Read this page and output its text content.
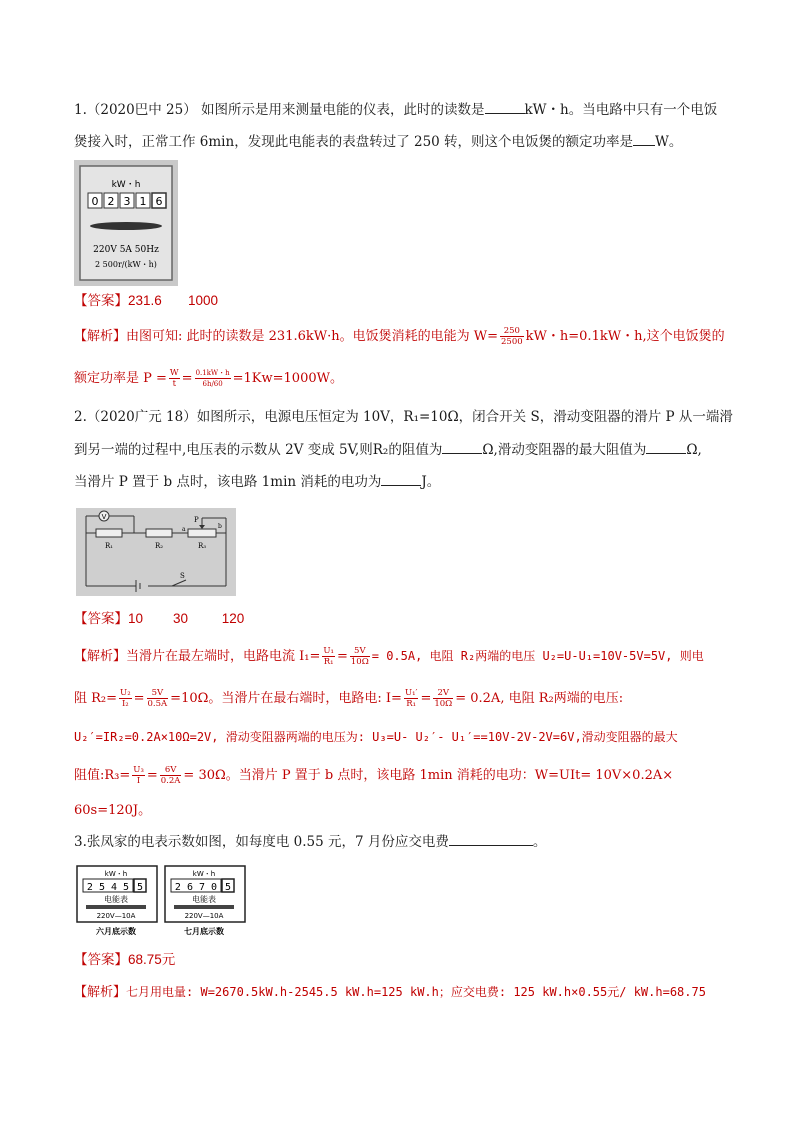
1.（2020巴中 25） 如图所示是用来测量电能的仪表，此时的读数是	kW・h。当电路中只有一个电饭
煲接入时，正常工作 6min，发现此电能表的表盘转过了 250 转，则这个电饭煲的额定功率是 W。
kW・h
0 2 3 1 6
220V 5A 50Hz
2 500r/(kW・h)
【答案】231.6       1000
【解析】由图可知: 此时的读数是 231.6kW·h。电饭煲消耗的电能为 $W= \frac{250}{2500}$ kW・h=0.1kW・h,这个电饭煲的
额定功率是 $P = \frac{W}{t} = \frac{0.1kW・h}{6h/60} =1Kw=1000W$。
2.（2020广元 18）如图所示，电源电压恒定为 10V，R₁=10Ω，闭合开关 S，滑动变阻器的滑片 P 从一端滑
到另一端的过程中,电压表的示数从 2V 变成 5V,则R₂的阻值为	Ω,滑动变阻器的最大阻值为	Ω,
当滑片 P 置于 b 点时，该电路 1min 消耗的电功为	J。
V
R₁	R₂	R₃
P
a	b
S
【答案】10        30         120
【解析】当滑片在最左端时，电路电流 $I_1= \frac{\text{U₁}}{\text{R₁}} = \frac{5V}{10\Omega} = 0.5A$, 电阻 R₂两端的电压 U₂=U-U₁=10V-5V=5V, 则电
阻 $R_2= \frac{\text{U₂}}{\text{I₂}} = \frac{5V}{0.5A} =10\Omega$。当滑片在最右端时，电路电: $I= \frac{\text{U₁′}}{\text{R₁}} = \frac{2V}{10\Omega} = 0.2A$, 电阻 R₂两端的电压:
U₂′=IR₂=0.2A×10Ω=2V, 滑动变阻器两端的电压为: U₃=U- U₂′- U₁′==10V-2V-2V=6V,滑动变阻器的最大
阻值:R₃= $\frac{\text{U₃}}{I} = \frac{6V}{0.2A} = 30\Omega$。当滑片 P 置于 b 点时，该电路 1min 消耗的电功：W=UIt= 10V×0.2A×
60s=120J。
3.张凤家的电表示数如图，如每度电 0.55 元，7 月份应交电费	。
kW・h
2 5 4 5 5
电能表
220V—10A
六月底示数
kW・h
2 6 7 0 5
电能表
220V—10A
七月底示数
【答案】68.75元
【解析】七月用电量: W=2670.5kW.h-2545.5 kW.h=125 kW.h；应交电费: 125 kW.h×0.55元/ kW.h=68.75
